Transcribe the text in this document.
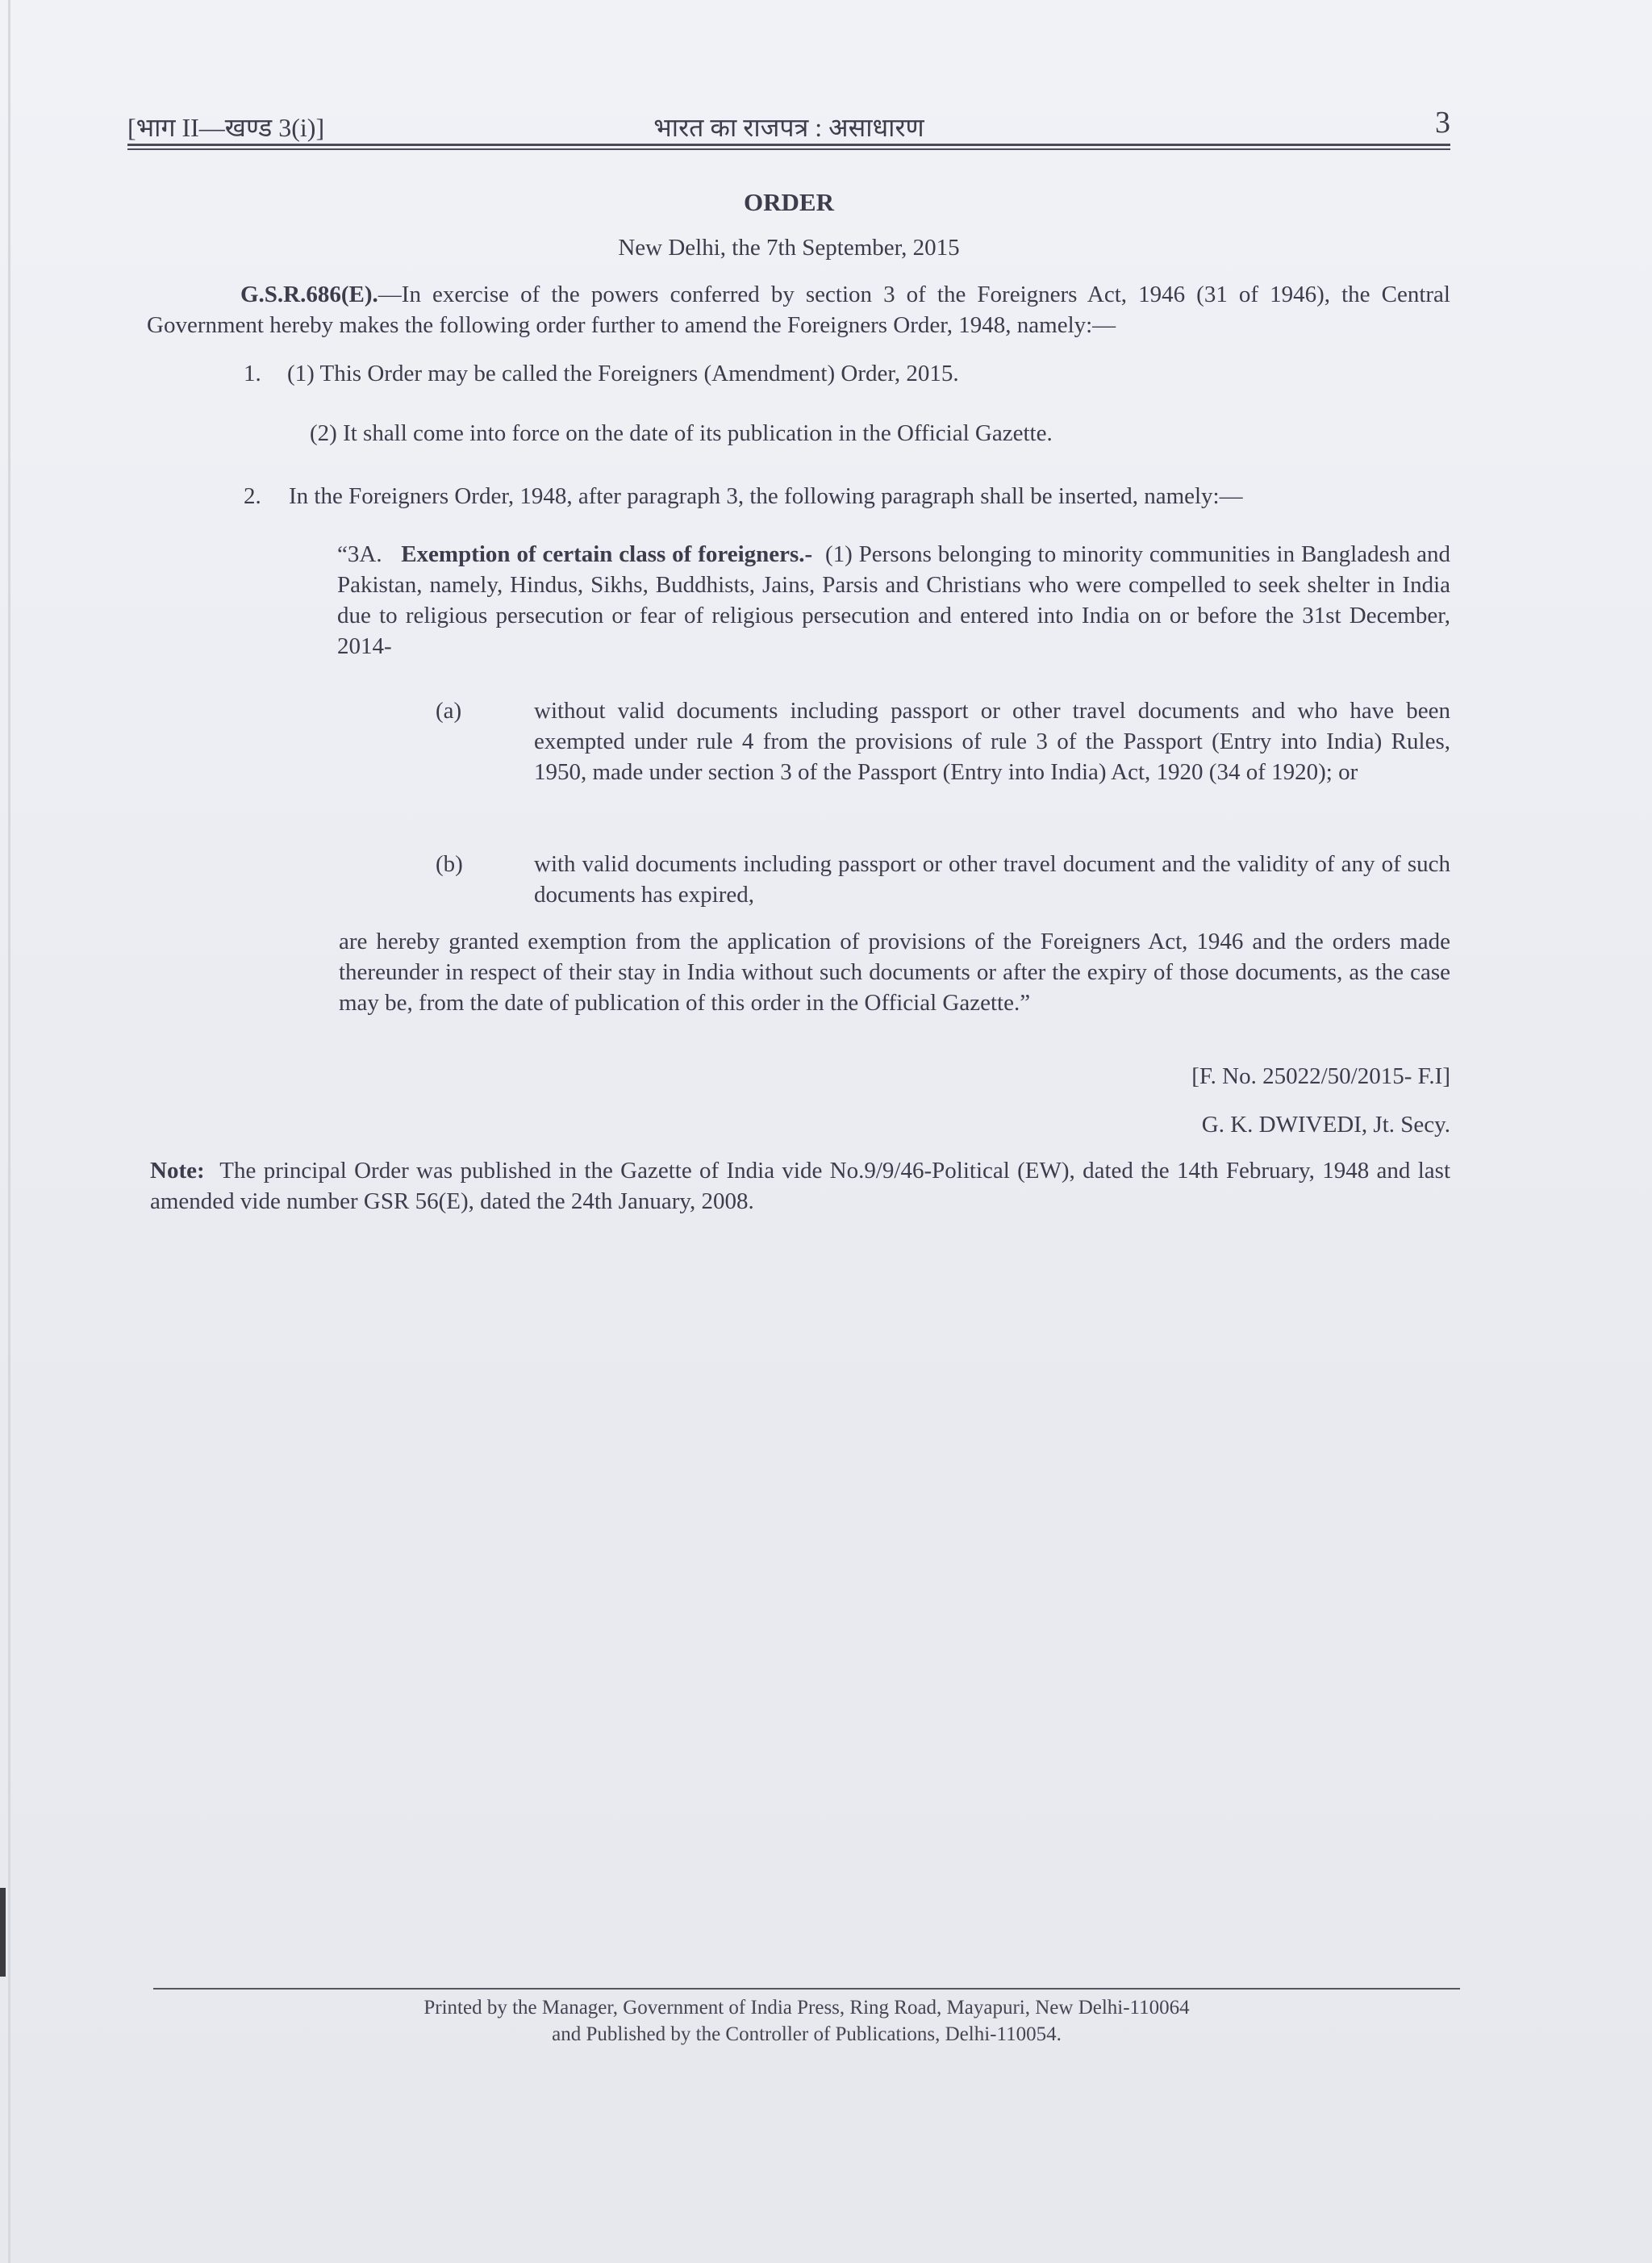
[भाग II—खण्ड 3(i)]	भारत का राजपत्र : असाधारण	3
ORDER
New Delhi, the 7th September, 2015
G.S.R.686(E).—In exercise of the powers conferred by section 3 of the Foreigners Act, 1946 (31 of 1946), the Central Government hereby makes the following order further to amend the Foreigners Order, 1948, namely:—
1. (1) This Order may be called the Foreigners (Amendment) Order, 2015.
(2) It shall come into force on the date of its publication in the Official Gazette.
2. In the Foreigners Order, 1948, after paragraph 3, the following paragraph shall be inserted, namely:—
“3A. Exemption of certain class of foreigners.- (1) Persons belonging to minority communities in Bangladesh and Pakistan, namely, Hindus, Sikhs, Buddhists, Jains, Parsis and Christians who were compelled to seek shelter in India due to religious persecution or fear of religious persecution and entered into India on or before the 31st December, 2014-
(a)	without valid documents including passport or other travel documents and who have been exempted under rule 4 from the provisions of rule 3 of the Passport (Entry into India) Rules, 1950, made under section 3 of the Passport (Entry into India) Act, 1920 (34 of 1920); or
(b)	with valid documents including passport or other travel document and the validity of any of such documents has expired,
are hereby granted exemption from the application of provisions of the Foreigners Act, 1946 and the orders made thereunder in respect of their stay in India without such documents or after the expiry of those documents, as the case may be, from the date of publication of this order in the Official Gazette.”
[F. No. 25022/50/2015- F.I]
G. K. DWIVEDI, Jt. Secy.
Note: The principal Order was published in the Gazette of India vide No.9/9/46-Political (EW), dated the 14th February, 1948 and last amended vide number GSR 56(E), dated the 24th January, 2008.
Printed by the Manager, Government of India Press, Ring Road, Mayapuri, New Delhi-110064
and Published by the Controller of Publications, Delhi-110054.
